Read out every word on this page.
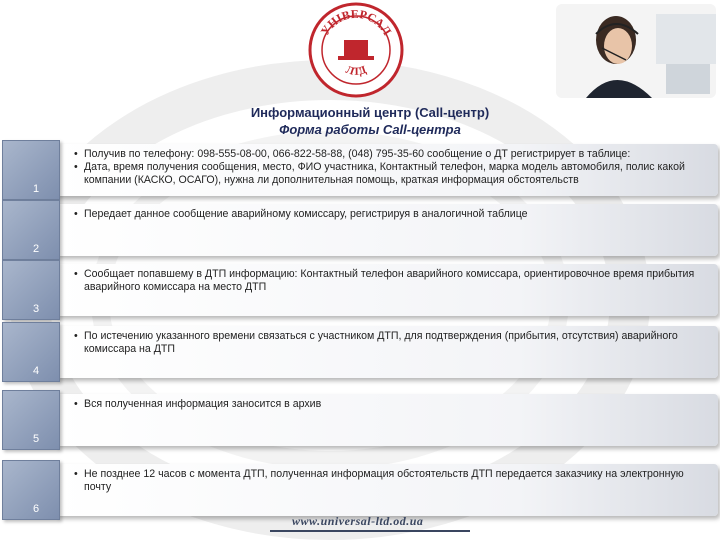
УНІВЕРСАЛ
ЛТД
Информационный центр (Call-центр)
Форма работы Call-центра
• Получив по телефону: 098-555-08-00, 066-822-58-88, (048) 795-35-60 сообщение о ДТ регистрирует в таблице:
• Дата, время получения сообщения, место, ФИО участника, Контактный телефон, марка модель автомобиля, полис какой компании (КАСКО, ОСАГО), нужна ли дополнительная помощь, краткая информация обстоятельств
1
• Передает данное сообщение аварийному комиссару, регистрируя в аналогичной таблице
2
• Сообщает попавшему в ДТП информацию: Контактный телефон аварийного комиссара, ориентировочное время прибытия аварийного комиссара на место ДТП
3
• По истечению указанного времени связаться с участником ДТП, для подтверждения (прибытия, отсутствия) аварийного комиссара на ДТП
4
• Вся полученная информация заносится в архив
5
• Не позднее 12 часов с момента ДТП, полученная информация обстоятельств ДТП передается заказчику на электронную почту
6
www.universal-ltd.od.ua
